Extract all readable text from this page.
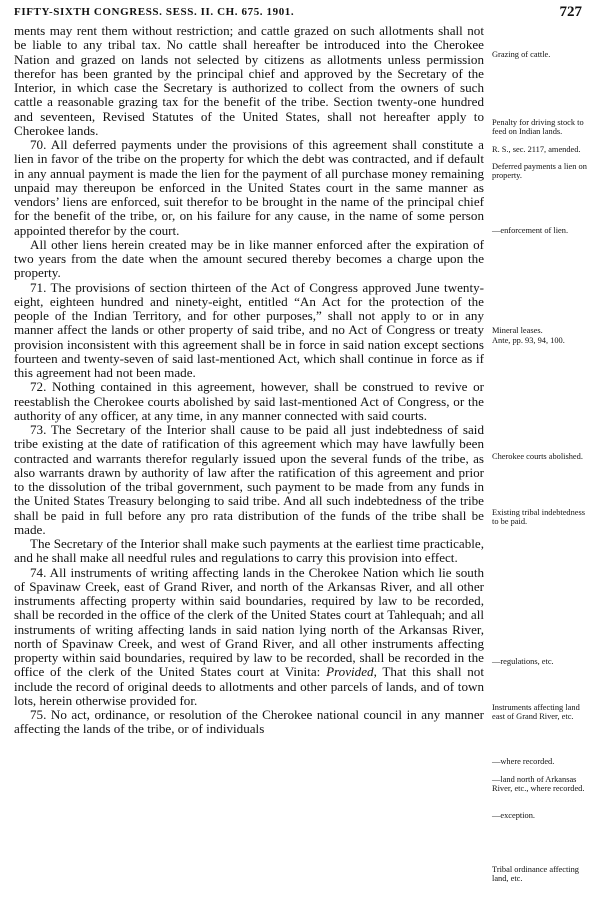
FIFTY-SIXTH CONGRESS. SESS. II. CH. 675. 1901.	727

ments may rent them without restriction; and cattle grazed on such allotments shall not be liable to any tribal tax. No cattle shall hereafter be introduced into the Cherokee Nation and grazed on lands not selected by citizens as allotments unless permission therefor has been granted by the principal chief and approved by the Secretary of the Interior, in which case the Secretary is authorized to collect from the owners of such cattle a reasonable grazing tax for the benefit of the tribe. Section twenty-one hundred and seventeen, Revised Statutes of the United States, shall not hereafter apply to Cherokee lands.

70. All deferred payments under the provisions of this agreement shall constitute a lien in favor of the tribe on the property for which the debt was contracted, and if default in any annual payment is made the lien for the payment of all purchase money remaining unpaid may thereupon be enforced in the United States court in the same manner as vendors’ liens are enforced, suit therefor to be brought in the name of the principal chief for the benefit of the tribe, or, on his failure for any cause, in the name of some person appointed therefor by the court.

All other liens herein created may be in like manner enforced after the expiration of two years from the date when the amount secured thereby becomes a charge upon the property.

71. The provisions of section thirteen of the Act of Congress approved June twenty-eight, eighteen hundred and ninety-eight, entitled “An Act for the protection of the people of the Indian Territory, and for other purposes,” shall not apply to or in any manner affect the lands or other property of said tribe, and no Act of Congress or treaty provision inconsistent with this agreement shall be in force in said nation except sections fourteen and twenty-seven of said last-mentioned Act, which shall continue in force as if this agreement had not been made.

72. Nothing contained in this agreement, however, shall be construed to revive or reestablish the Cherokee courts abolished by said last-mentioned Act of Congress, or the authority of any officer, at any time, in any manner connected with said courts.

73. The Secretary of the Interior shall cause to be paid all just indebtedness of said tribe existing at the date of ratification of this agreement which may have lawfully been contracted and warrants therefor regularly issued upon the several funds of the tribe, as also warrants drawn by authority of law after the ratification of this agreement and prior to the dissolution of the tribal government, such payment to be made from any funds in the United States Treasury belonging to said tribe. And all such indebtedness of the tribe shall be paid in full before any pro rata distribution of the funds of the tribe shall be made.

The Secretary of the Interior shall make such payments at the earliest time practicable, and he shall make all needful rules and regulations to carry this provision into effect.

74. All instruments of writing affecting lands in the Cherokee Nation which lie south of Spavinaw Creek, east of Grand River, and north of the Arkansas River, and all other instruments affecting property within said boundaries, required by law to be recorded, shall be recorded in the office of the clerk of the United States court at Tahlequah; and all instruments of writing affecting lands in said nation lying north of the Arkansas River, north of Spavinaw Creek, and west of Grand River, and all other instruments affecting property within said boundaries, required by law to be recorded, shall be recorded in the office of the clerk of the United States court at Vinita: Provided, That this shall not include the record of original deeds to allotments and other parcels of lands, and of town lots, herein otherwise provided for.

75. No act, ordinance, or resolution of the Cherokee national council in any manner affecting the lands of the tribe, or of individuals

Grazing of cattle.
Penalty for driving stock to feed on Indian lands.
R. S., sec. 2117, amended.
Deferred payments a lien on property.
—enforcement of lien.
Mineral leases.
Ante, pp. 93, 94, 100.
Cherokee courts abolished.
Existing tribal indebtedness to be paid.
—regulations, etc.
Instruments affecting land east of Grand River, etc.
—where recorded.
—land north of Arkansas River, etc., where recorded.
—exception.
Tribal ordinance affecting land, etc.
